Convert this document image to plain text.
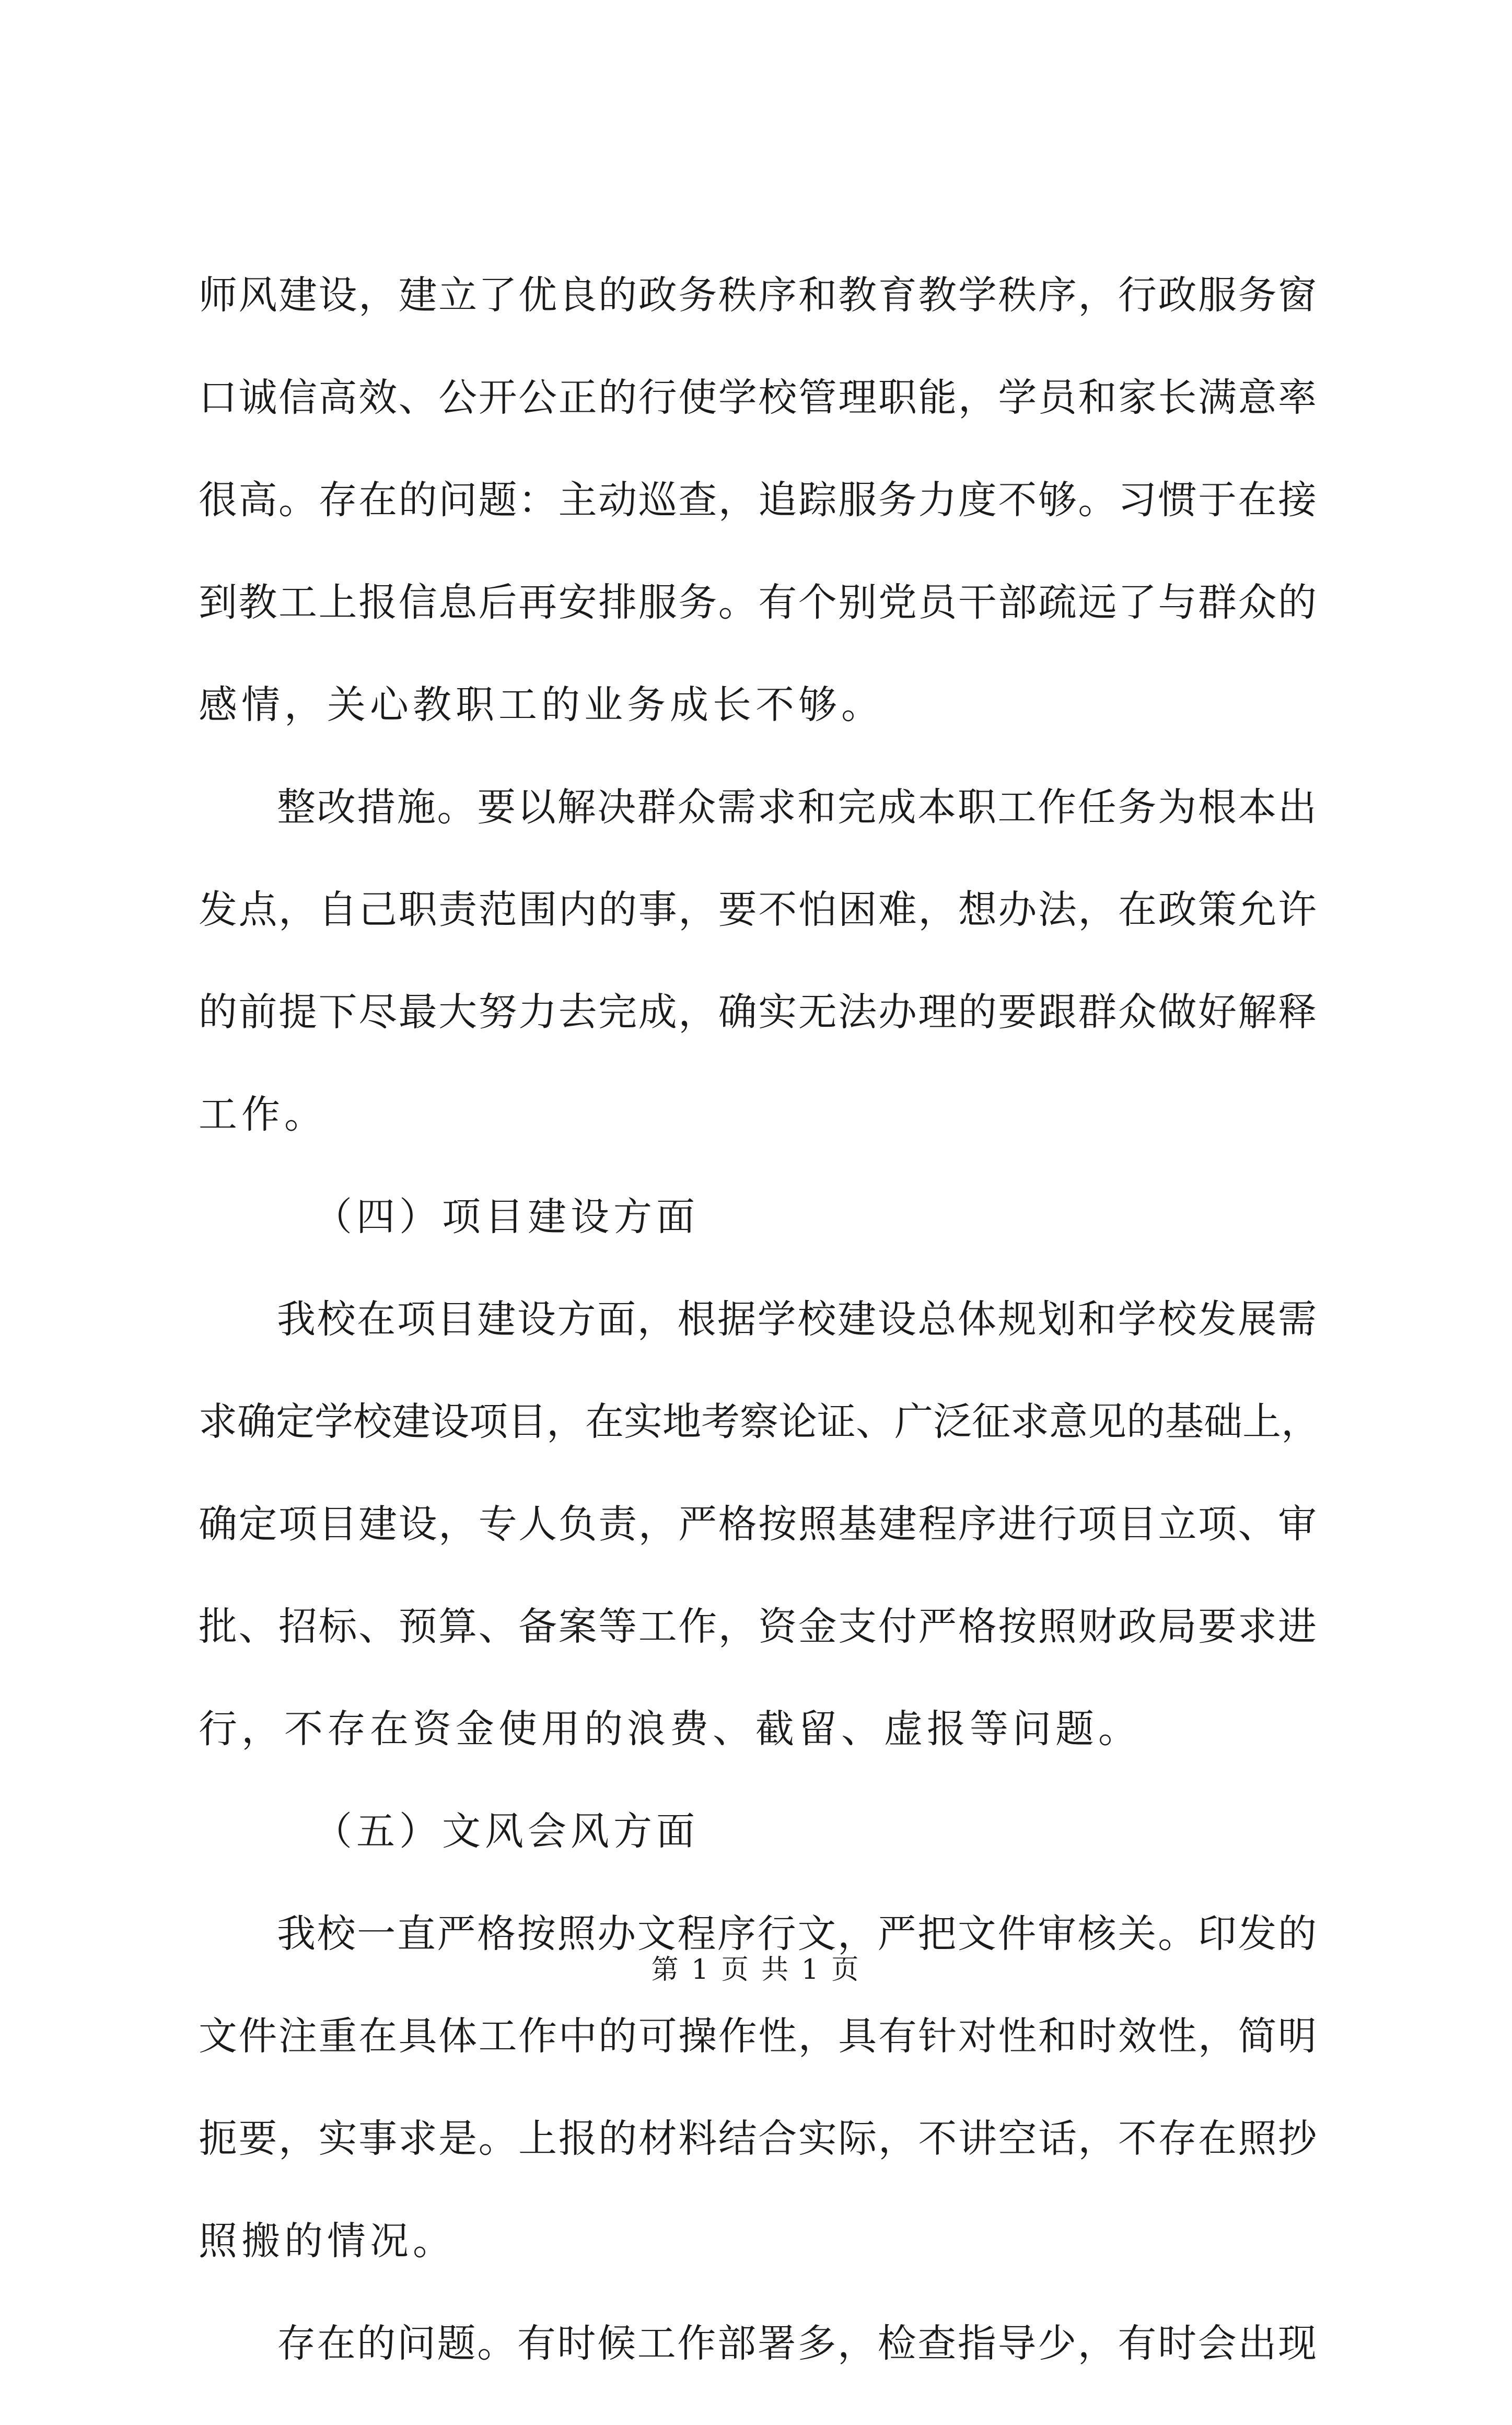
师风建设，建立了优良的政务秩序和教育教学秩序，行政服务窗
口诚信高效、公开公正的行使学校管理职能，学员和家长满意率
很高。存在的问题：主动巡查，追踪服务力度不够。习惯于在接
到教工上报信息后再安排服务。有个别党员干部疏远了与群众的
感情，关心教职工的业务成长不够。
整改措施。要以解决群众需求和完成本职工作任务为根本出
发点，自己职责范围内的事，要不怕困难，想办法，在政策允许
的前提下尽最大努力去完成，确实无法办理的要跟群众做好解释
工作。
（四）项目建设方面
我校在项目建设方面，根据学校建设总体规划和学校发展需
求确定学校建设项目，在实地考察论证、广泛征求意见的基础上，
确定项目建设，专人负责，严格按照基建程序进行项目立项、审
批、招标、预算、备案等工作，资金支付严格按照财政局要求进
行，不存在资金使用的浪费、截留、虚报等问题。
（五）文风会风方面
我校一直严格按照办文程序行文，严把文件审核关。印发的
文件注重在具体工作中的可操作性，具有针对性和时效性，简明
扼要，实事求是。上报的材料结合实际，不讲空话，不存在照抄
照搬的情况。
存在的问题。有时候工作部署多，检查指导少，有时会出现
第 1 页 共 1 页
